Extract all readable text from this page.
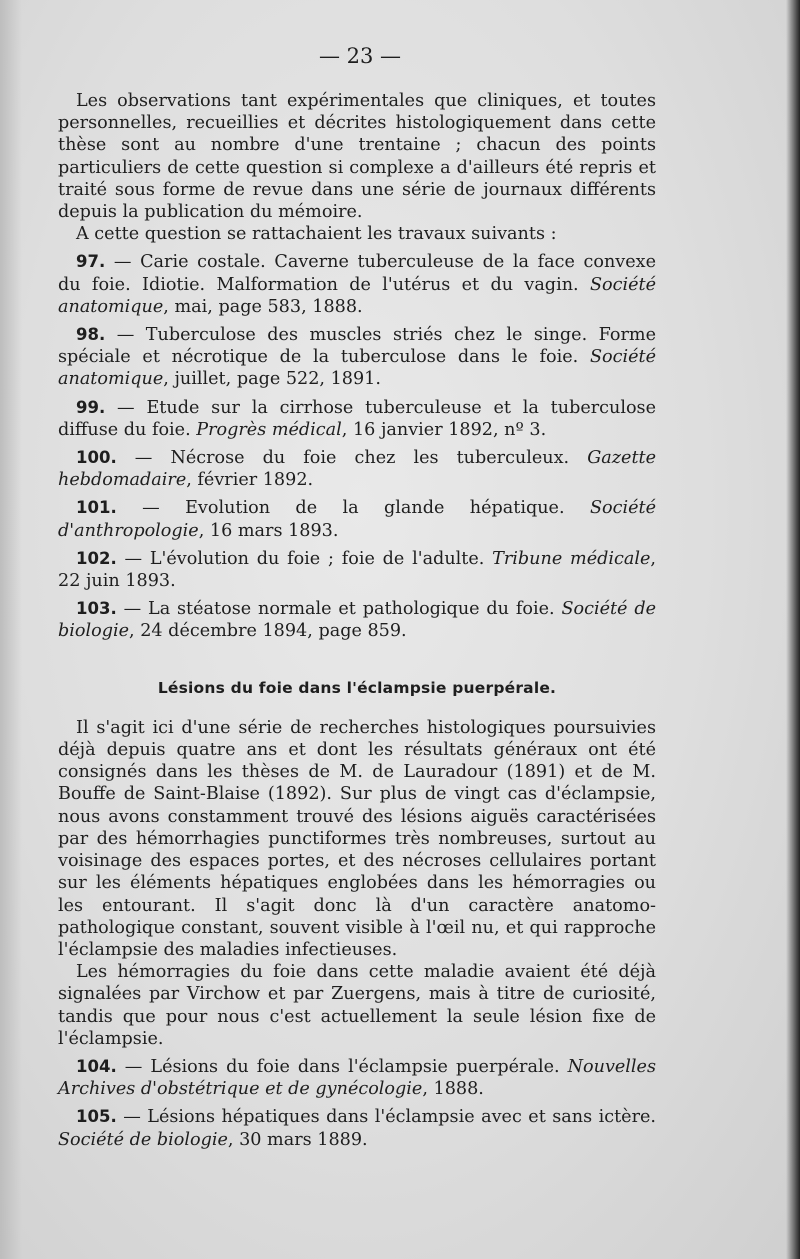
— 23 —

Les observations tant expérimentales que cliniques, et toutes personnelles, recueillies et décrites histologiquement dans cette thèse sont au nombre d'une trentaine ; chacun des points particuliers de cette question si complexe a d'ailleurs été repris et traité sous forme de revue dans une série de journaux différents depuis la publication du mémoire.

A cette question se rattachaient les travaux suivants :

97. — Carie costale. Caverne tuberculeuse de la face convexe du foie. Idiotie. Malformation de l'utérus et du vagin. Société anatomique, mai, page 583, 1888.

98. — Tuberculose des muscles striés chez le singe. Forme spéciale et nécrotique de la tuberculose dans le foie. Société anatomique, juillet, page 522, 1891.

99. — Etude sur la cirrhose tuberculeuse et la tuberculose diffuse du foie. Progrès médical, 16 janvier 1892, nº 3.

100. — Nécrose du foie chez les tuberculeux. Gazette hebdomadaire, février 1892.

101. — Evolution de la glande hépatique. Société d'anthropologie, 16 mars 1893.

102. — L'évolution du foie ; foie de l'adulte. Tribune médicale, 22 juin 1893.

103. — La stéatose normale et pathologique du foie. Société de biologie, 24 décembre 1894, page 859.

Lésions du foie dans l'éclampsie puerpérale.

Il s'agit ici d'une série de recherches histologiques poursuivies déjà depuis quatre ans et dont les résultats généraux ont été consignés dans les thèses de M. de Lauradour (1891) et de M. Bouffe de Saint-Blaise (1892). Sur plus de vingt cas d'éclampsie, nous avons constamment trouvé des lésions aiguës caractérisées par des hémorrhagies punctiformes très nombreuses, surtout au voisinage des espaces portes, et des nécroses cellulaires portant sur les éléments hépatiques englobées dans les hémorragies ou les entourant. Il s'agit donc là d'un caractère anatomo-pathologique constant, souvent visible à l'œil nu, et qui rapproche l'éclampsie des maladies infectieuses.

Les hémorragies du foie dans cette maladie avaient été déjà signalées par Virchow et par Zuergens, mais à titre de curiosité, tandis que pour nous c'est actuellement la seule lésion fixe de l'éclampsie.

104. — Lésions du foie dans l'éclampsie puerpérale. Nouvelles Archives d'obstétrique et de gynécologie, 1888.

105. — Lésions hépatiques dans l'éclampsie avec et sans ictère. Société de biologie, 30 mars 1889.
